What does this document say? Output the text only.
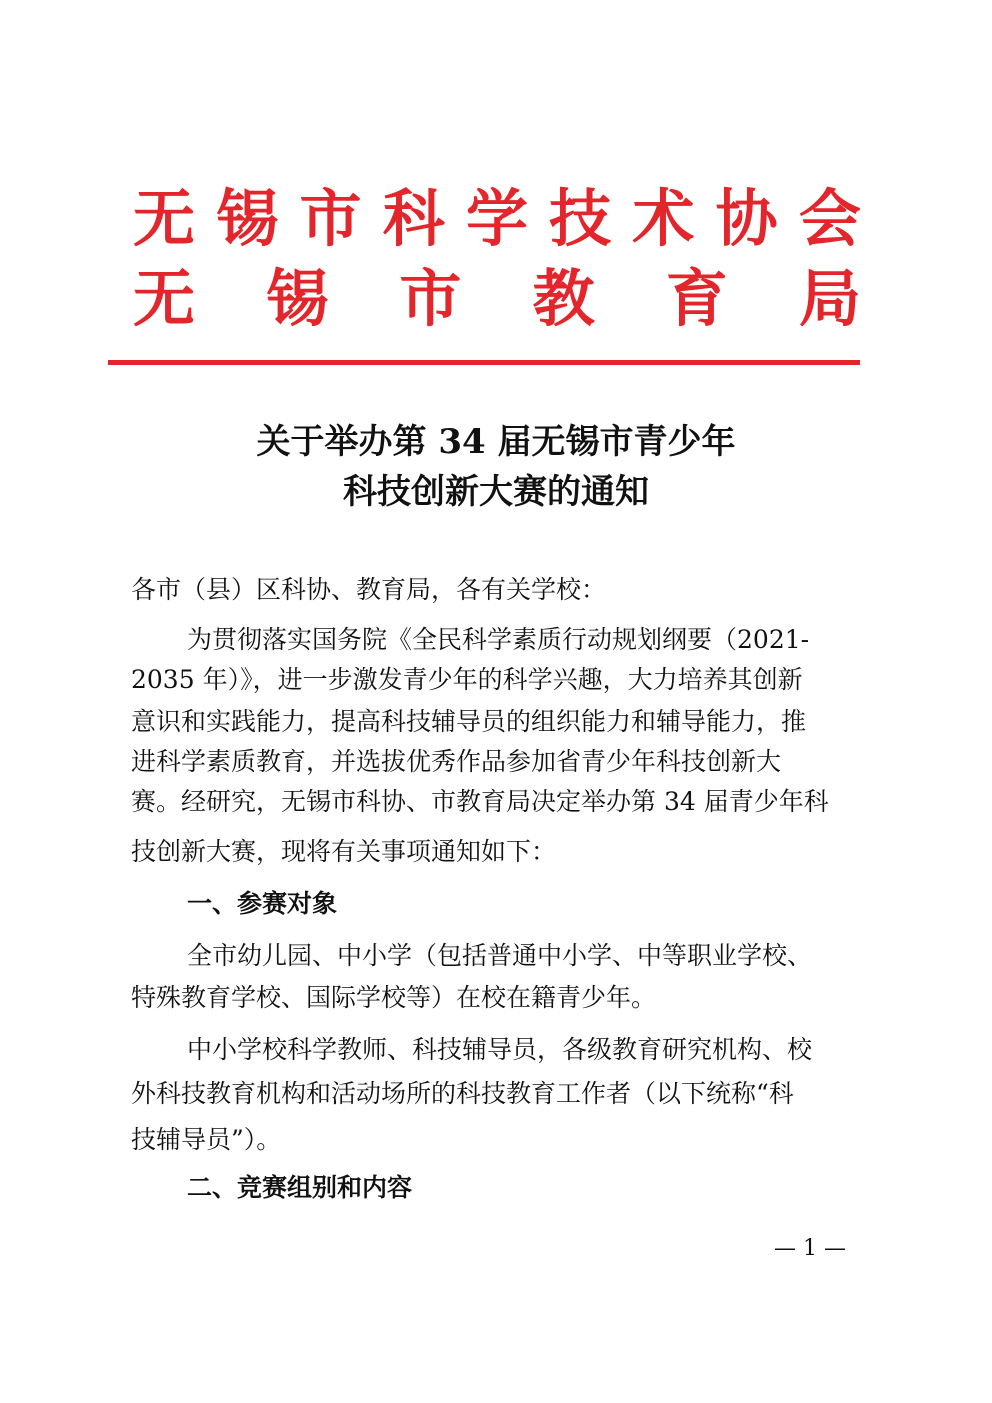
无 锡 市 科 学 技 术 协 会
无 锡 市 教 育 局
关于举办第 34 届无锡市青少年
科技创新大赛的通知
各市（县）区科协、教育局，各有关学校：
为贯彻落实国务院《全民科学素质行动规划纲要（2021-
2035 年）》，进一步激发青少年的科学兴趣，大力培养其创新
意识和实践能力，提高科技辅导员的组织能力和辅导能力，推
进科学素质教育，并选拔优秀作品参加省青少年科技创新大
赛。经研究，无锡市科协、市教育局决定举办第 34 届青少年科
技创新大赛，现将有关事项通知如下：
一、参赛对象
全市幼儿园、中小学（包括普通中小学、中等职业学校、
特殊教育学校、国际学校等）在校在籍青少年。
中小学校科学教师、科技辅导员，各级教育研究机构、校
外科技教育机构和活动场所的科技教育工作者（以下统称“科
技辅导员”）。
二、竞赛组别和内容
— 1 —
